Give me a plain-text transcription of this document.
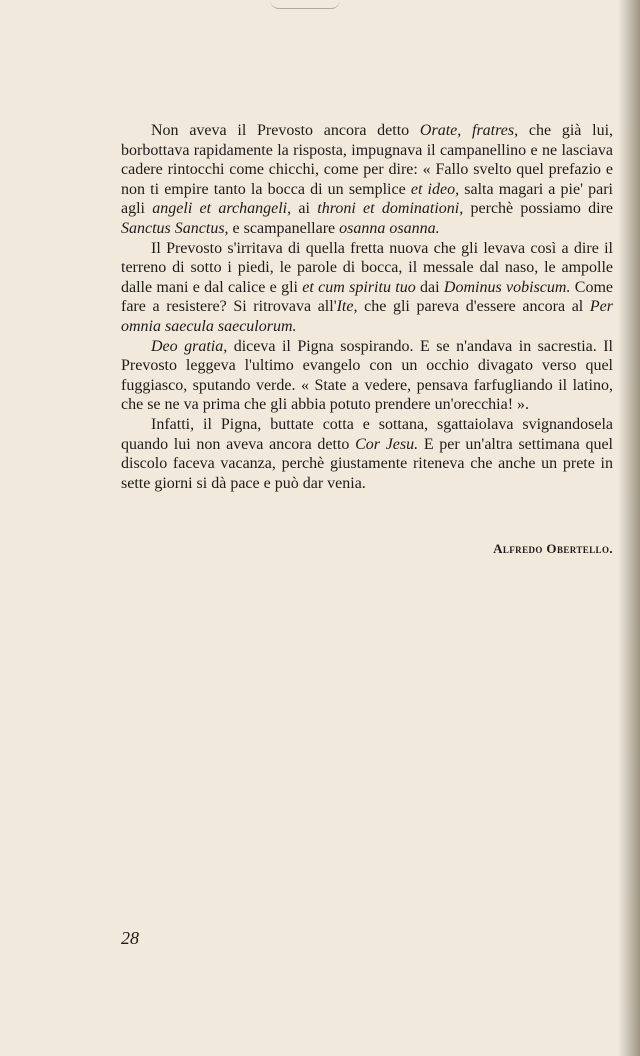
Non aveva il Prevosto ancora detto Orate, fratres, che già lui, borbottava rapidamente la risposta, impugnava il campanellino e ne lasciava cadere rintocchi come chicchi, come per dire: « Fallo svelto quel prefazio e non ti empire tanto la bocca di un semplice et ideo, salta magari a pie' pari agli angeli et archangeli, ai throni et dominationi, perchè possiamo dire Sanctus Sanctus, e scampanellare osanna osanna.

Il Prevosto s'irritava di quella fretta nuova che gli levava così a dire il terreno di sotto i piedi, le parole di bocca, il messale dal naso, le ampolle dalle mani e dal calice e gli et cum spiritu tuo dai Dominus vobiscum. Come fare a resistere? Si ritrovava all'Ite, che gli pareva d'essere ancora al Per omnia saecula saeculorum.

Deo gratia, diceva il Pigna sospirando. E se n'andava in sacrestia. Il Prevosto leggeva l'ultimo evangelo con un occhio divagato verso quel fuggiasco, sputando verde. « State a vedere, pensava farfugliando il latino, che se ne va prima che gli abbia potuto prendere un'orecchia! ».

Infatti, il Pigna, buttate cotta e sottana, sgattaiolava svignandosela quando lui non aveva ancora detto Cor Jesu. E per un'altra settimana quel discolo faceva vacanza, perchè giustamente riteneva che anche un prete in sette giorni si dà pace e può dar venia.

Alfredo Obertello.
28
